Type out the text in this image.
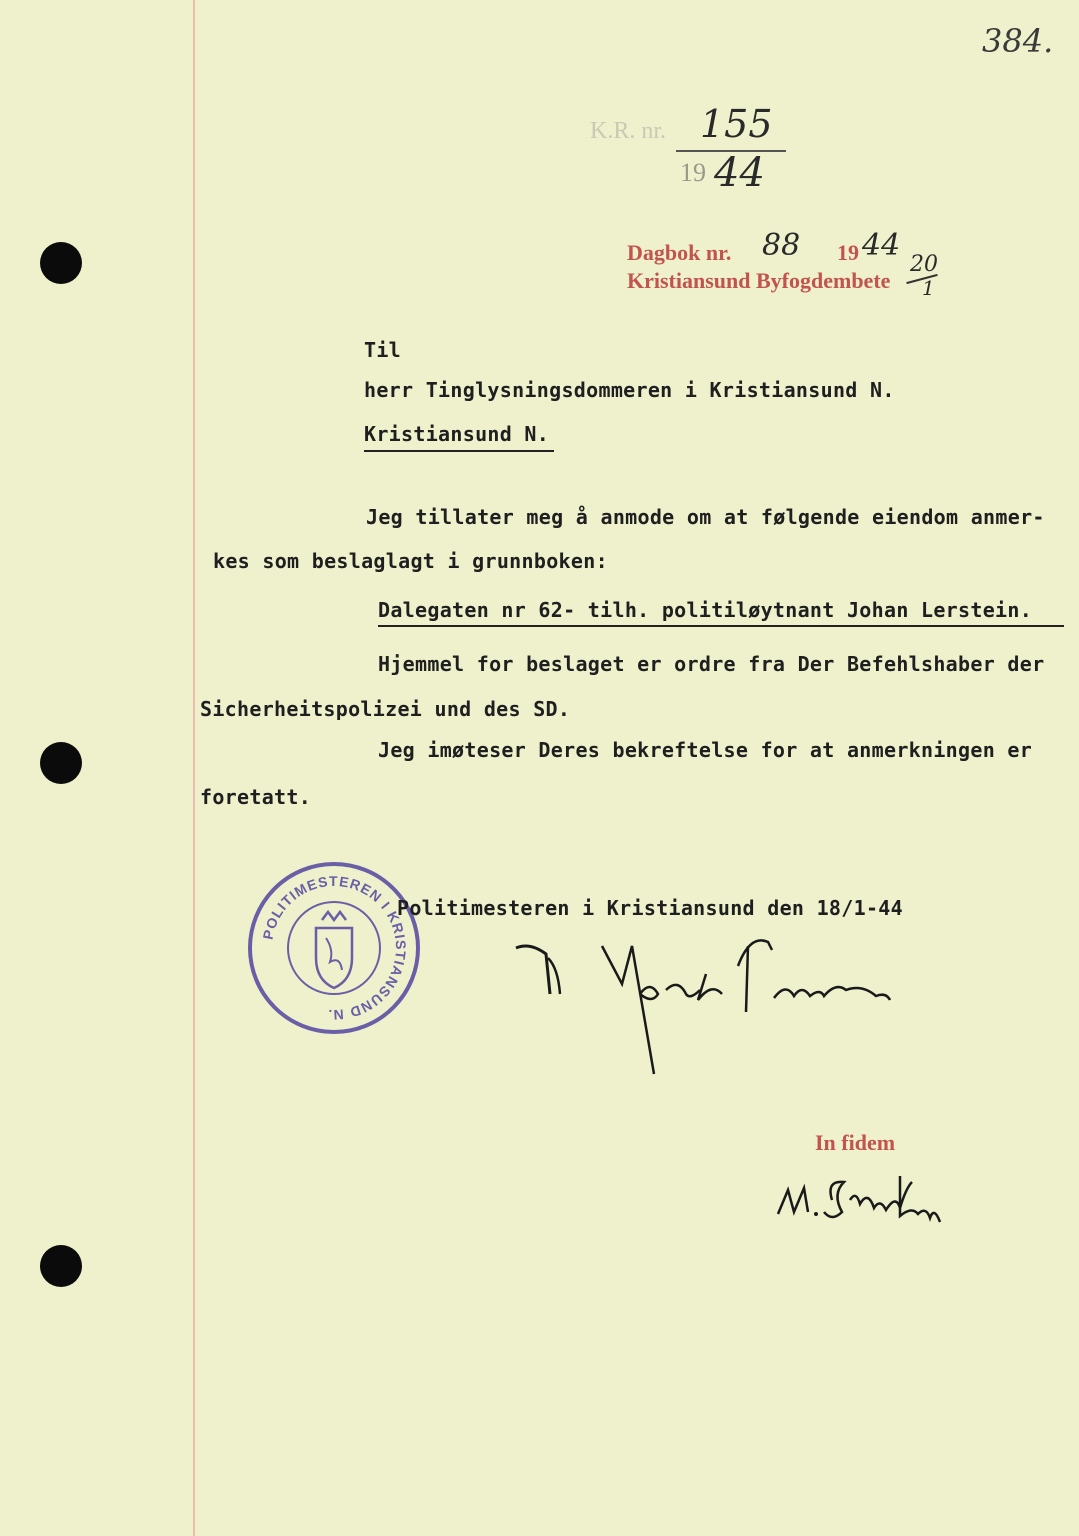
384.
K.R. nr. 155
19 44
Dagbok nr. 88 19 44
Kristiansund Byfogdembete
20
1
Til
herr Tinglysningsdommeren i Kristiansund N.
Kristiansund N.
Jeg tillater meg å anmode om at følgende eiendom anmer-
kes som beslaglagt i grunnboken:
Dalegaten nr 62- tilh. politiløytnant Johan Lerstein.
Hjemmel for beslaget er ordre fra Der Befehlshaber der
Sicherheitspolizei und des SD.
Jeg imøteser Deres bekreftelse for at anmerkningen er
foretatt.
POLITIMESTEREN I KRISTIANSUND N.
Politimesteren i Kristiansund den 18/1-44
In fidem
